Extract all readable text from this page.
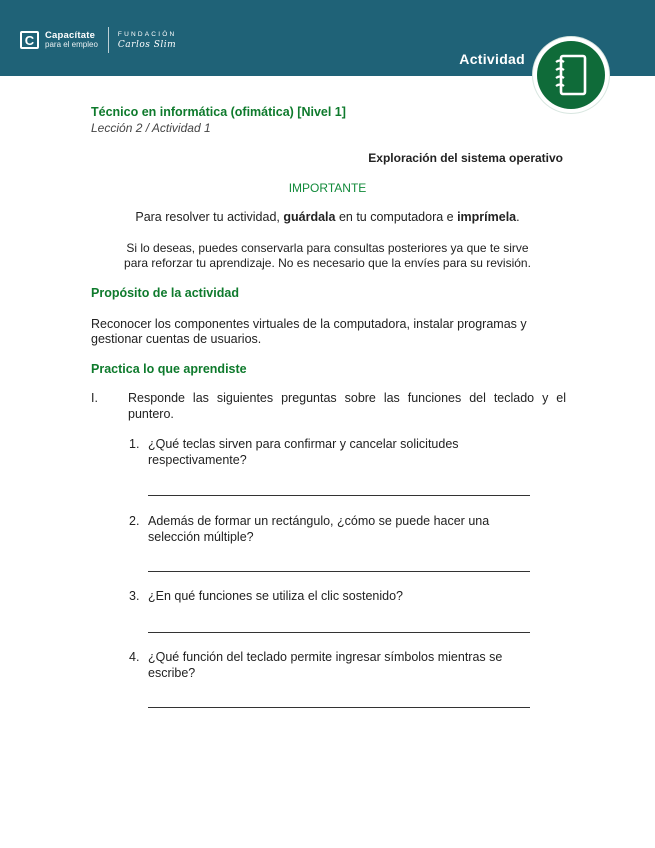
C	Capacítate
para el empleo
FUNDACIÓN
Carlos Slim
Actividad
Técnico en informática (ofimática) [Nivel 1]
Lección 2 / Actividad 1
Exploración del sistema operativo
IMPORTANTE
Para resolver tu actividad, guárdala en tu computadora e imprímela.
Si lo deseas, puedes conservarla para consultas posteriores ya que te sirve
para reforzar tu aprendizaje. No es necesario que la envíes para su revisión.
Propósito de la actividad
Reconocer los componentes virtuales de la computadora, instalar programas y gestionar cuentas de usuarios.
Practica lo que aprendiste
I. Responde las siguientes preguntas sobre las funciones del teclado y el puntero.
1. ¿Qué teclas sirven para confirmar y cancelar solicitudes respectivamente?
2. Además de formar un rectángulo, ¿cómo se puede hacer una selección múltiple?
3. ¿En qué funciones se utiliza el clic sostenido?
4. ¿Qué función del teclado permite ingresar símbolos mientras se escribe?
